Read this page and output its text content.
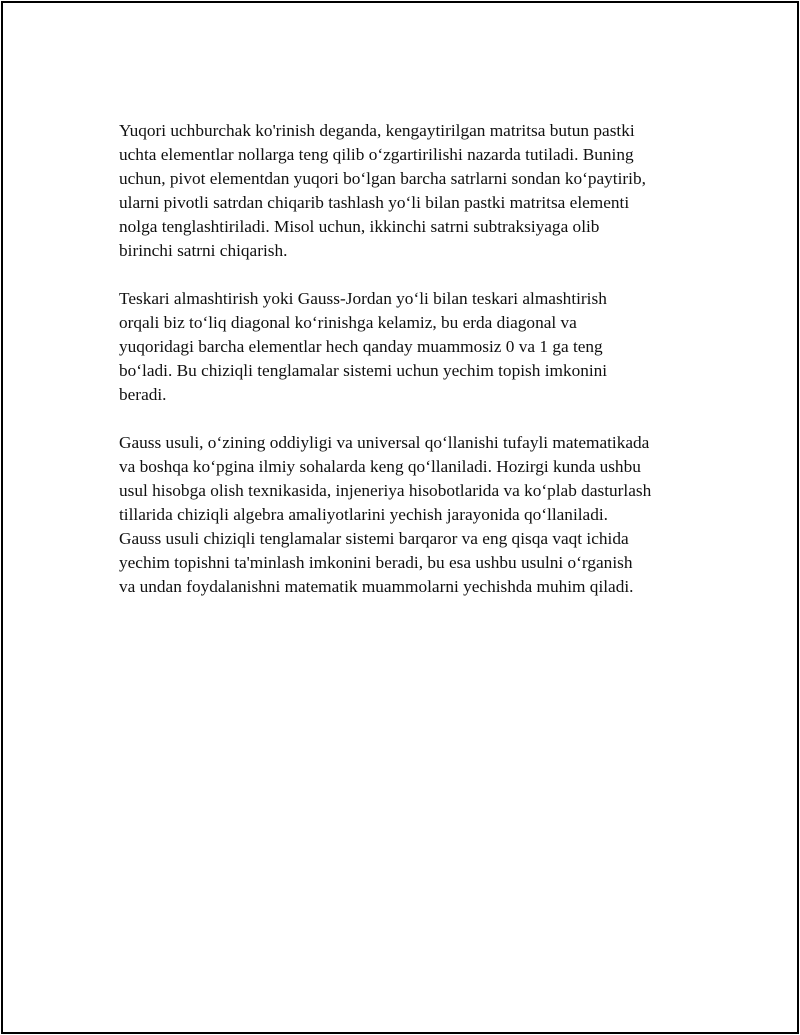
Yuqori uchburchak ko'rinish deganda, kengaytirilgan matritsa butun pastki
uchta elementlar nollarga teng qilib o‘zgartirilishi nazarda tutiladi. Buning
uchun, pivot elementdan yuqori bo‘lgan barcha satrlarni sondan ko‘paytirib,
ularni pivotli satrdan chiqarib tashlash yo‘li bilan pastki matritsa elementi
nolga tenglashtiriladi. Misol uchun, ikkinchi satrni subtraksiyaga olib
birinchi satrni chiqarish.

Teskari almashtirish yoki Gauss-Jordan yo‘li bilan teskari almashtirish
orqali biz to‘liq diagonal ko‘rinishga kelamiz, bu erda diagonal va
yuqoridagi barcha elementlar hech qanday muammosiz 0 va 1 ga teng
bo‘ladi. Bu chiziqli tenglamalar sistemi uchun yechim topish imkonini
beradi.

Gauss usuli, o‘zining oddiyligi va universal qo‘llanishi tufayli matematikada
va boshqa ko‘pgina ilmiy sohalarda keng qo‘llaniladi. Hozirgi kunda ushbu
usul hisobga olish texnikasida, injeneriya hisobotlarida va ko‘plab dasturlash
tillarida chiziqli algebra amaliyotlarini yechish jarayonida qo‘llaniladi.
Gauss usuli chiziqli tenglamalar sistemi barqaror va eng qisqa vaqt ichida
yechim topishni ta'minlash imkonini beradi, bu esa ushbu usulni o‘rganish
va undan foydalanishni matematik muammolarni yechishda muhim qiladi.
